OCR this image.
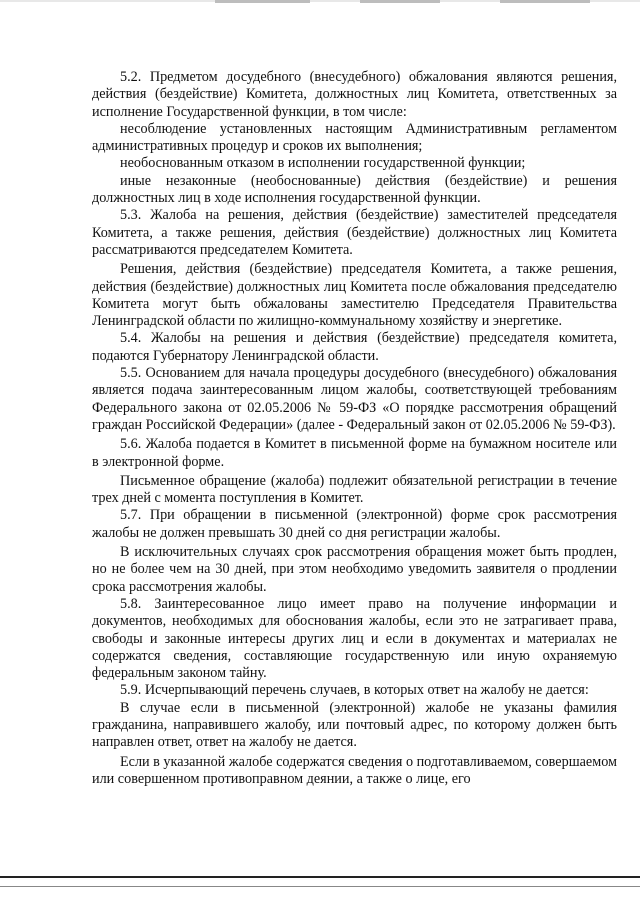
5.2. Предметом досудебного (внесудебного) обжалования являются решения, действия (бездействие) Комитета, должностных лиц Комитета, ответственных за исполнение Государственной функции, в том числе:

несоблюдение установленных настоящим Административным регламентом административных процедур и сроков их выполнения;

необоснованным отказом в исполнении государственной функции;

иные незаконные (необоснованные) действия (бездействие) и решения должностных лиц в ходе исполнения государственной функции.

5.3. Жалоба на решения, действия (бездействие) заместителей председателя Комитета, а также решения, действия (бездействие) должностных лиц Комитета рассматриваются председателем Комитета.

Решения, действия (бездействие) председателя Комитета, а также решения, действия (бездействие) должностных лиц Комитета после обжалования председателю Комитета могут быть обжалованы заместителю Председателя Правительства Ленинградской области по жилищно-коммунальному хозяйству и энергетике.

5.4. Жалобы на решения и действия (бездействие) председателя комитета, подаются Губернатору Ленинградской области.

5.5. Основанием для начала процедуры досудебного (внесудебного) обжалования является подача заинтересованным лицом жалобы, соответствующей требованиям Федерального закона от 02.05.2006 № 59-ФЗ «О порядке рассмотрения обращений граждан Российской Федерации» (далее - Федеральный закон от 02.05.2006 № 59-ФЗ).

5.6. Жалоба подается в Комитет в письменной форме на бумажном носителе или в электронной форме.

Письменное обращение (жалоба) подлежит обязательной регистрации в течение трех дней с момента поступления в Комитет.

5.7. При обращении в письменной (электронной) форме срок рассмотрения жалобы не должен превышать 30 дней со дня регистрации жалобы.

В исключительных случаях срок рассмотрения обращения может быть продлен, но не более чем на 30 дней, при этом необходимо уведомить заявителя о продлении срока рассмотрения жалобы.

5.8. Заинтересованное лицо имеет право на получение информации и документов, необходимых для обоснования жалобы, если это не затрагивает права, свободы и законные интересы других лиц и если в документах и материалах не содержатся сведения, составляющие государственную или иную охраняемую федеральным законом тайну.

5.9. Исчерпывающий перечень случаев, в которых ответ на жалобу не дается:

В случае если в письменной (электронной) жалобе не указаны фамилия гражданина, направившего жалобу, или почтовый адрес, по которому должен быть направлен ответ, ответ на жалобу не дается.

Если в указанной жалобе содержатся сведения о подготавливаемом, совершаемом или совершенном противоправном деянии, а также о лице, его
